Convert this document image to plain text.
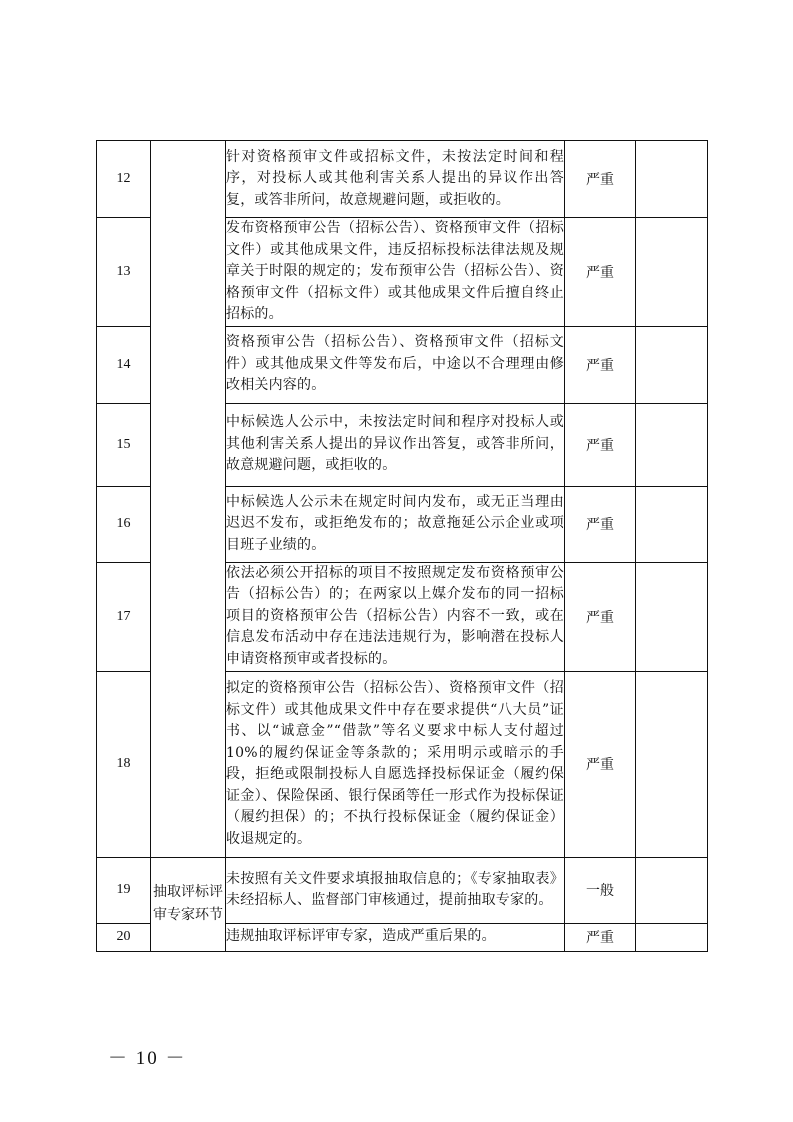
12		针对资格预审文件或招标文件，未按法定时间和程序，对投标人或其他利害关系人提出的异议作出答复，或答非所问，故意规避问题，或拒收的。	严重	
13		发布资格预审公告（招标公告）、资格预审文件（招标文件）或其他成果文件，违反招标投标法律法规及规章关于时限的规定的；发布预审公告（招标公告）、资格预审文件（招标文件）或其他成果文件后擅自终止招标的。	严重	
14		资格预审公告（招标公告）、资格预审文件（招标文件）或其他成果文件等发布后，中途以不合理理由修改相关内容的。	严重	
15		中标候选人公示中，未按法定时间和程序对投标人或其他利害关系人提出的异议作出答复，或答非所问，故意规避问题，或拒收的。	严重	
16		中标候选人公示未在规定时间内发布，或无正当理由迟迟不发布，或拒绝发布的；故意拖延公示企业或项目班子业绩的。	严重	
17		依法必须公开招标的项目不按照规定发布资格预审公告（招标公告）的；在两家以上媒介发布的同一招标项目的资格预审公告（招标公告）内容不一致，或在信息发布活动中存在违法违规行为，影响潜在投标人申请资格预审或者投标的。	严重	
18		拟定的资格预审公告（招标公告）、资格预审文件（招标文件）或其他成果文件中存在要求提供“八大员”证书、以“诚意金”“借款”等名义要求中标人支付超过10%的履约保证金等条款的；采用明示或暗示的手段，拒绝或限制投标人自愿选择投标保证金（履约保证金）、保险保函、银行保函等任一形式作为投标保证（履约担保）的；不执行投标保证金（履约保证金）收退规定的。	严重	
19	抽取评标评审专家环节	未按照有关文件要求填报抽取信息的；《专家抽取表》未经招标人、监督部门审核通过，提前抽取专家的。	一般	
20		违规抽取评标评审专家，造成严重后果的。	严重	
－ 10 －
